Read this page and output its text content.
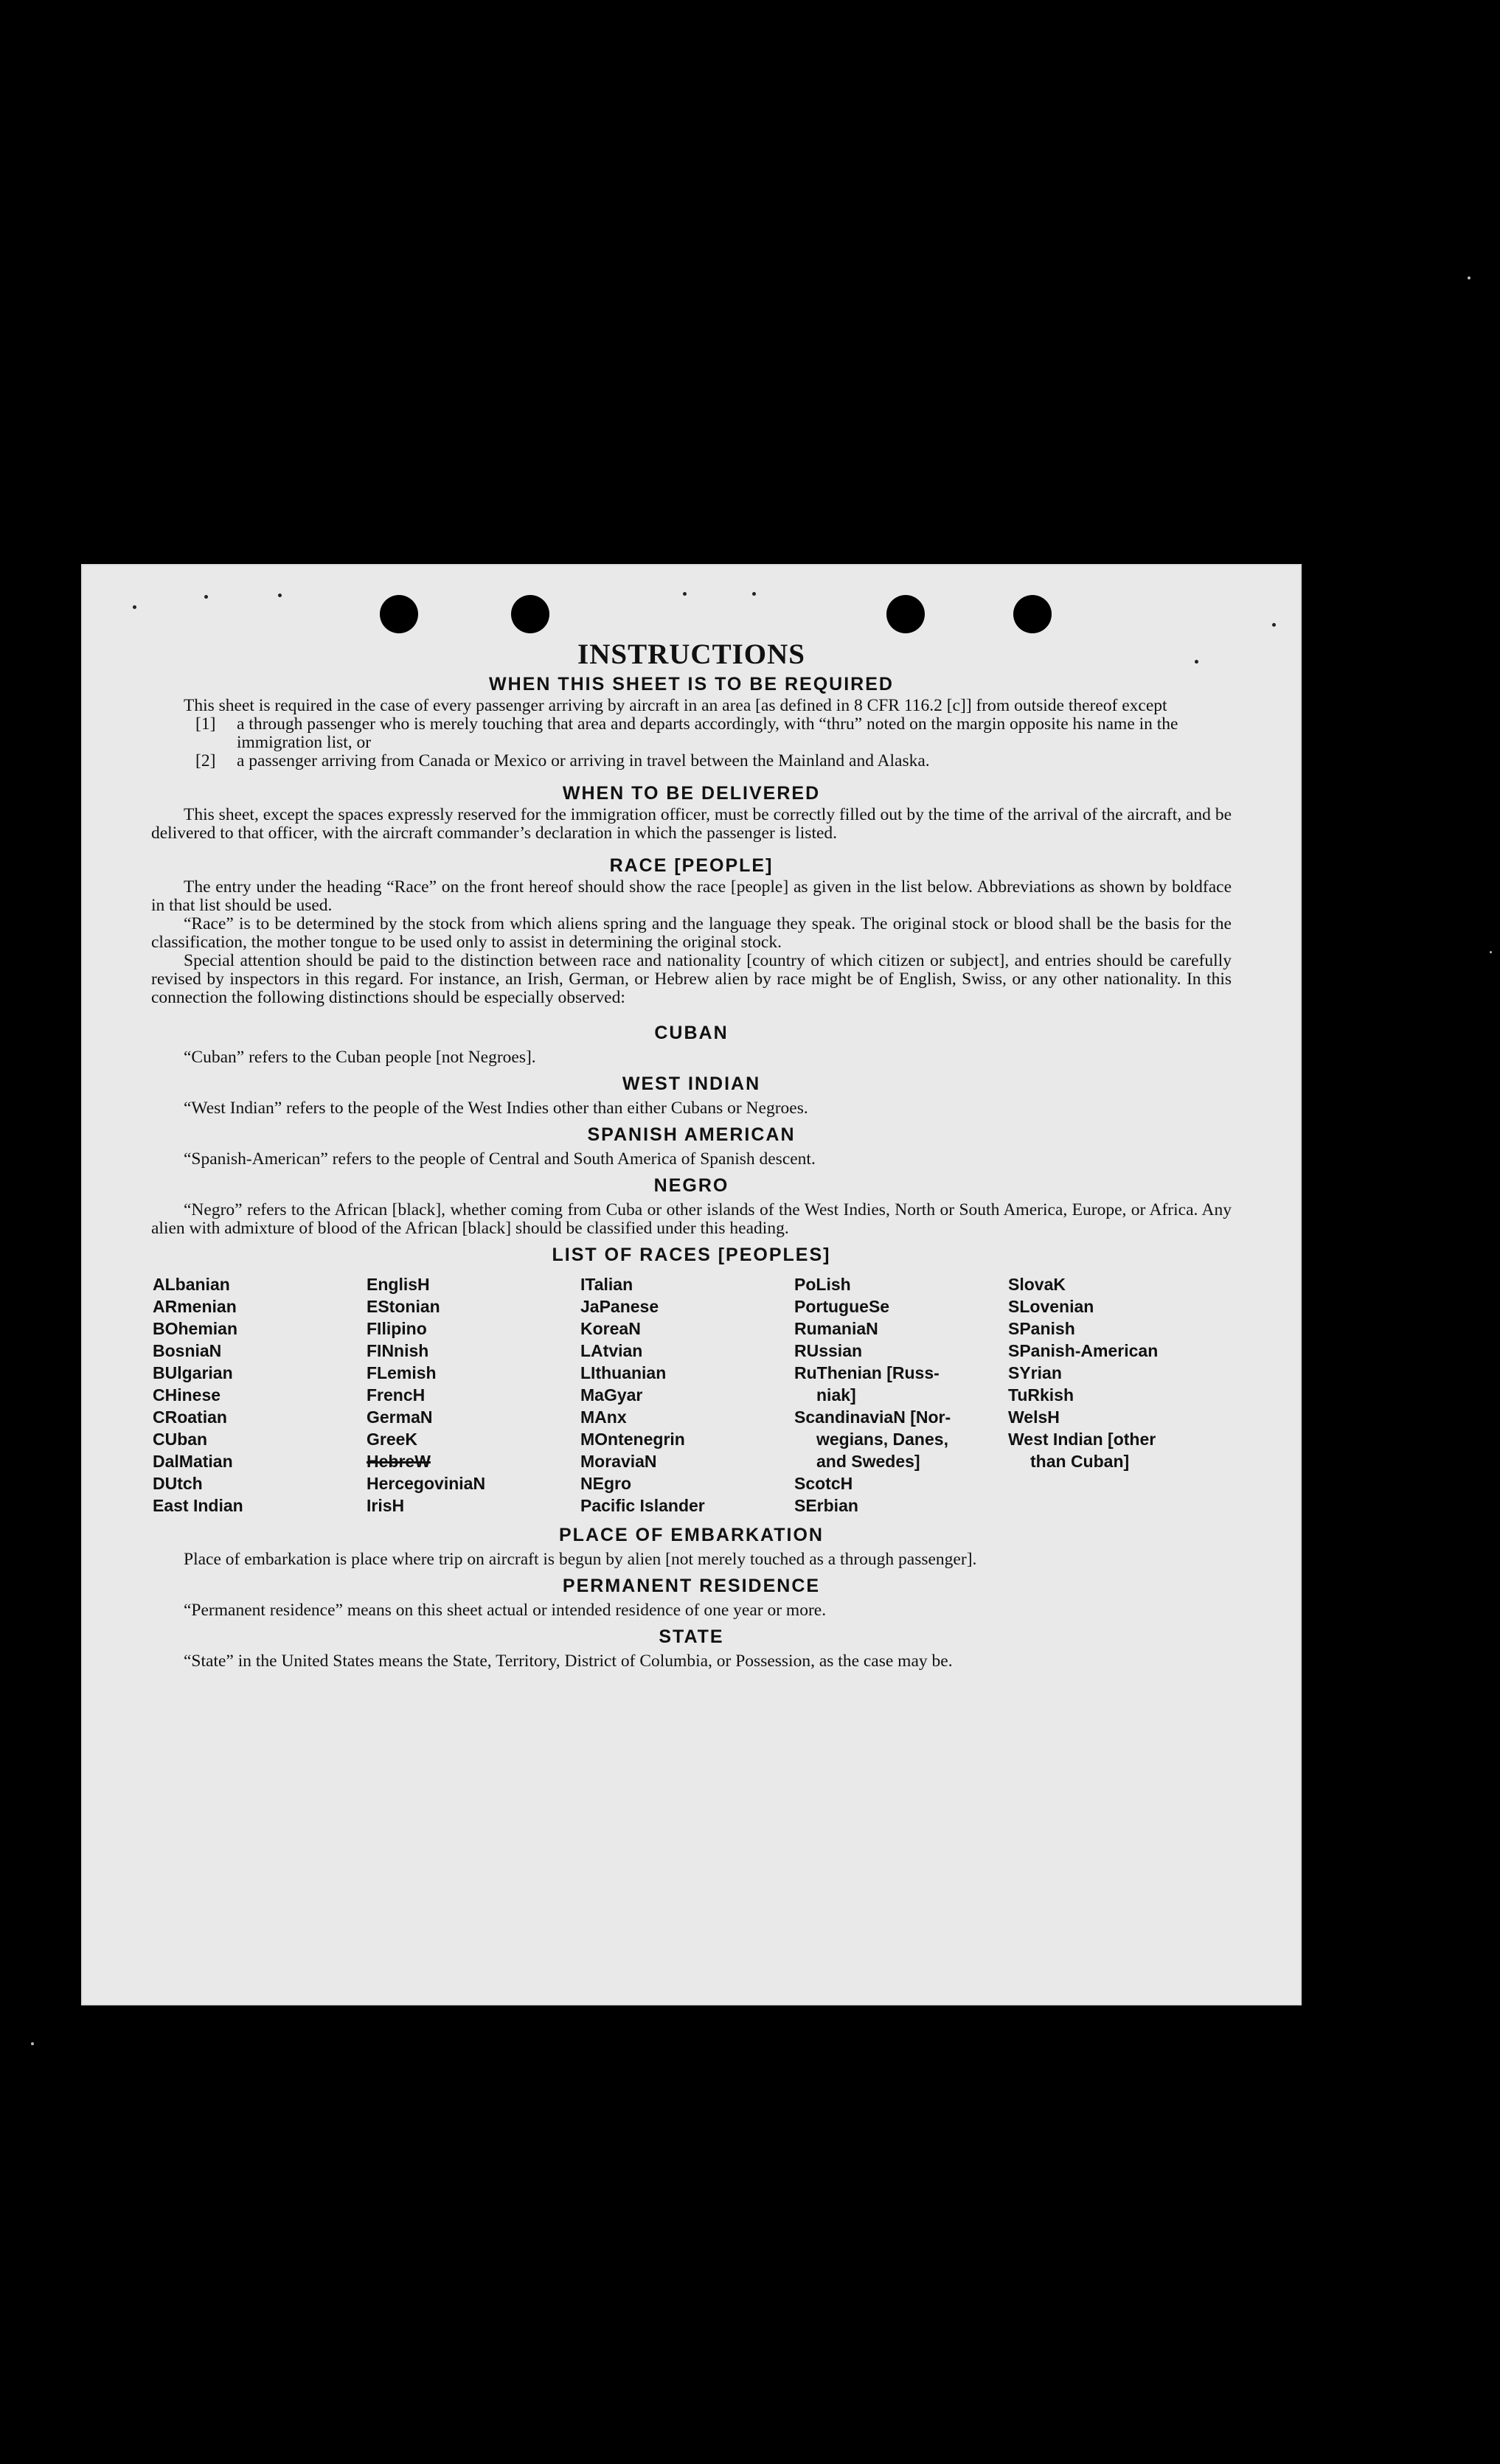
INSTRUCTIONS
WHEN THIS SHEET IS TO BE REQUIRED

This sheet is required in the case of every passenger arriving by aircraft in an area [as defined in 8 CFR 116.2 [c]] from outside thereof except

[1]	a through passenger who is merely touching that area and departs accordingly, with “thru” noted on the margin opposite his name in the immigration list, or
[2]	a passenger arriving from Canada or Mexico or arriving in travel between the Mainland and Alaska.
WHEN TO BE DELIVERED

This sheet, except the spaces expressly reserved for the immigration officer, must be correctly filled out by the time of the arrival of the aircraft, and be delivered to that officer, with the aircraft commander’s declaration in which the passenger is listed.

RACE [PEOPLE]

The entry under the heading “Race” on the front hereof should show the race [people] as given in the list below. Abbreviations as shown by boldface in that list should be used.

“Race” is to be determined by the stock from which aliens spring and the language they speak. The original stock or blood shall be the basis for the classification, the mother tongue to be used only to assist in determining the original stock.

Special attention should be paid to the distinction between race and nationality [country of which citizen or subject], and entries should be carefully revised by inspectors in this regard. For instance, an Irish, German, or Hebrew alien by race might be of English, Swiss, or any other nationality. In this connection the following distinctions should be especially observed:

CUBAN

“Cuban” refers to the Cuban people [not Negroes].

WEST INDIAN

“West Indian” refers to the people of the West Indies other than either Cubans or Negroes.

SPANISH AMERICAN

“Spanish-American” refers to the people of Central and South America of Spanish descent.

NEGRO

“Negro” refers to the African [black], whether coming from Cuba or other islands of the West Indies, North or South America, Europe, or Africa. Any alien with admixture of blood of the African [black] should be classified under this heading.

LIST OF RACES [PEOPLES]
ALbanian
ARmenian
BOhemian
BosniaN
BUlgarian
CHinese
CRoatian
CUban
DalMatian
DUtch
East Indian
EnglisH
EStonian
FIlipino
FINnish
FLemish
FrencH
GermaN
GreeK
HebreW
HercegoviniaN
IrisH
ITalian
JaPanese
KoreaN
LAtvian
LIthuanian
MaGyar
MAnx
MOntenegrin
MoraviaN
NEgro
Pacific Islander
PoLish
PortugueSe
RumaniaN
RUssian
RuThenian [Russ-
niak]
ScandinaviaN [Nor-
wegians, Danes,
and Swedes]
ScotcH
SErbian
SlovaK
SLovenian
SPanish
SPanish-American
SYrian
TuRkish
WelsH
West Indian [other
than Cuban]
PLACE OF EMBARKATION

Place of embarkation is place where trip on aircraft is begun by alien [not merely touched as a through passenger].

PERMANENT RESIDENCE

“Permanent residence” means on this sheet actual or intended residence of one year or more.

STATE

“State” in the United States means the State, Territory, District of Columbia, or Possession, as the case may be.
